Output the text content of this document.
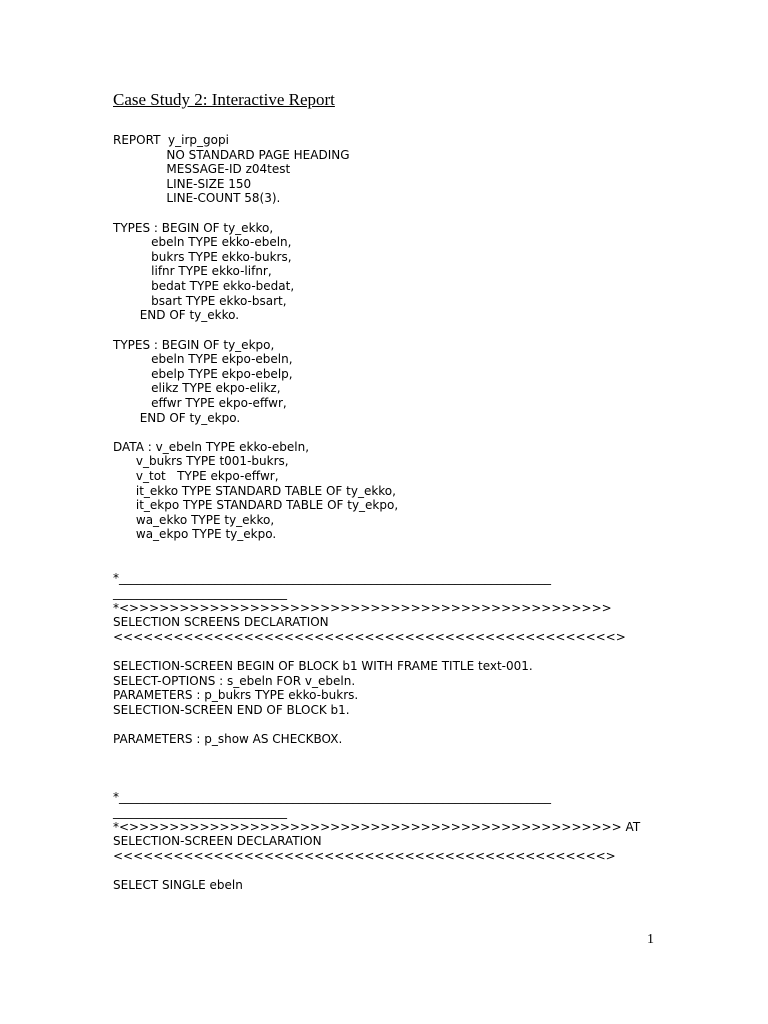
Case Study 2: Interactive Report
REPORT  y_irp_gopi
NO STANDARD PAGE HEADING
MESSAGE-ID z04test
LINE-SIZE 150
LINE-COUNT 58(3).
TYPES : BEGIN OF ty_ekko,
ebeln TYPE ekko-ebeln,
bukrs TYPE ekko-bukrs,
lifnr TYPE ekko-lifnr,
bedat TYPE ekko-bedat,
bsart TYPE ekko-bsart,
END OF ty_ekko.
TYPES : BEGIN OF ty_ekpo,
ebeln TYPE ekpo-ebeln,
ebelp TYPE ekpo-ebelp,
elikz TYPE ekpo-elikz,
effwr TYPE ekpo-effwr,
END OF ty_ekpo.
DATA : v_ebeln TYPE ekko-ebeln,
v_bukrs TYPE t001-bukrs,
v_tot   TYPE ekpo-effwr,
it_ekko TYPE STANDARD TABLE OF ty_ekko,
it_ekpo TYPE STANDARD TABLE OF ty_ekpo,
wa_ekko TYPE ty_ekko,
wa_ekpo TYPE ty_ekpo.
*________________________________________________________________________
_____________________________
*<>>>>>>>>>>>>>>>>>>>>>>>>>>>>>>>>>>>>>>>>>>>>>>>>
SELECTION SCREENS DECLARATION
<<<<<<<<<<<<<<<<<<<<<<<<<<<<<<<<<<<<<<<<<<<<<<<<<<>
SELECTION-SCREEN BEGIN OF BLOCK b1 WITH FRAME TITLE text-001.
SELECT-OPTIONS : s_ebeln FOR v_ebeln.
PARAMETERS : p_bukrs TYPE ekko-bukrs.
SELECTION-SCREEN END OF BLOCK b1.
PARAMETERS : p_show AS CHECKBOX.
*________________________________________________________________________
_____________________________
*<>>>>>>>>>>>>>>>>>>>>>>>>>>>>>>>>>>>>>>>>>>>>>>>>> AT
SELECTION-SCREEN DECLARATION
<<<<<<<<<<<<<<<<<<<<<<<<<<<<<<<<<<<<<<<<<<<<<<<<<>
SELECT SINGLE ebeln
1
